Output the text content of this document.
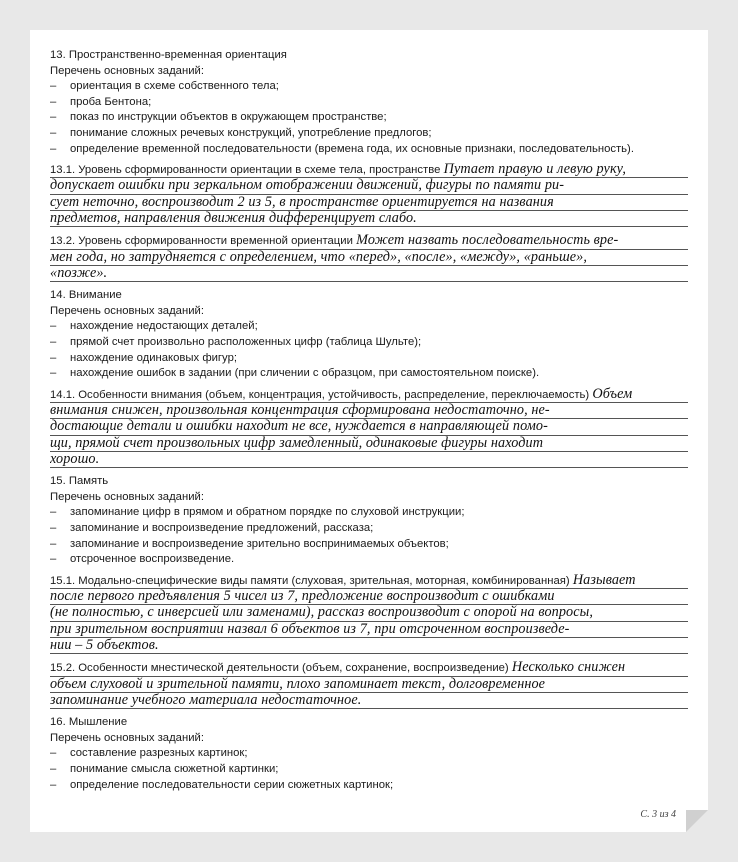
13. Пространственно-временная ориентация
Перечень основных заданий:
– ориентация в схеме собственного тела;
– проба Бентона;
– показ по инструкции объектов в окружающем пространстве;
– понимание сложных речевых конструкций, употребление предлогов;
– определение временной последовательности (времена года, их основные признаки, последовательность).
13.1. Уровень сформированности ориентации в схеме тела, пространстве Путает правую и левую руку,
допускает ошибки при зеркальном отображении движений, фигуры по памяти ри-
сует неточно, воспроизводит 2 из 5, в пространстве ориентируется на названия
предметов, направления движения дифференцирует слабо.
13.2. Уровень сформированности временной ориентации Может назвать последовательность вре-
мен года, но затрудняется с определением, что «перед», «после», «между», «раньше»,
«позже».
14. Внимание
Перечень основных заданий:
– нахождение недостающих деталей;
– прямой счет произвольно расположенных цифр (таблица Шульте);
– нахождение одинаковых фигур;
– нахождение ошибок в задании (при сличении с образцом, при самостоятельном поиске).
14.1. Особенности внимания (объем, концентрация, устойчивость, распределение, переключаемость) Объем
внимания снижен, произвольная концентрация сформирована недостаточно, не-
достающие детали и ошибки находит не все, нуждается в направляющей помо-
щи, прямой счет произвольных цифр замедленный, одинаковые фигуры находит
хорошо.
15. Память
Перечень основных заданий:
– запоминание цифр в прямом и обратном порядке по слуховой инструкции;
– запоминание и воспроизведение предложений, рассказа;
– запоминание и воспроизведение зрительно воспринимаемых объектов;
– отсроченное воспроизведение.
15.1. Модально-специфические виды памяти (слуховая, зрительная, моторная, комбинированная) Называет
после первого предъявления 5 чисел из 7, предложение воспроизводит с ошибками
(не полностью, с инверсией или заменами), рассказ воспроизводит с опорой на вопросы,
при зрительном восприятии назвал 6 объектов из 7, при отсроченном воспроизведе-
нии – 5 объектов.
15.2. Особенности мнестической деятельности (объем, сохранение, воспроизведение) Несколько снижен
объем слуховой и зрительной памяти, плохо запоминает текст, долговременное
запоминание учебного материала недостаточное.
16. Мышление
Перечень основных заданий:
– составление разрезных картинок;
– понимание смысла сюжетной картинки;
– определение последовательности серии сюжетных картинок;
С. 3 из 4
